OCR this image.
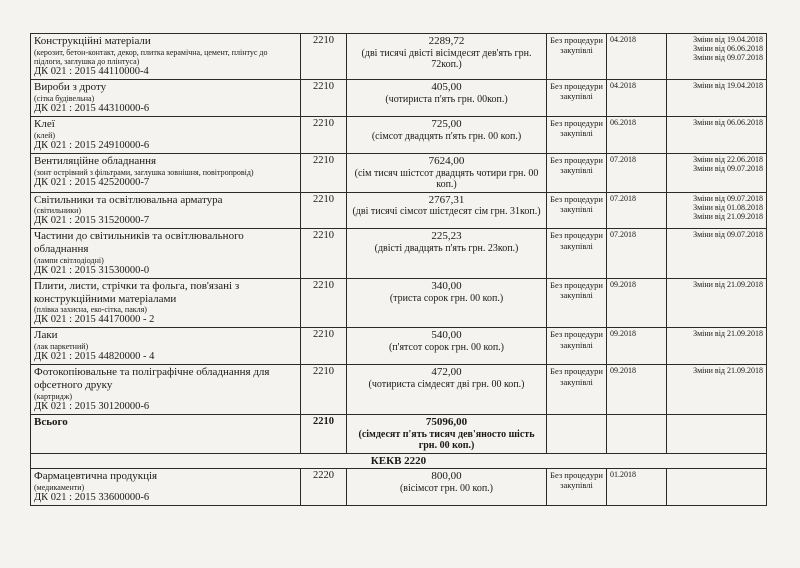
Конструкційні матеріали
(керозит, бетон-контакт, декор, плитка керамічна, цемент, плінтус до підлоги, заглушка до плінтуса)
ДК 021 : 2015 44110000-4	2210	2289,72
(дві тисячі двісті вісімдесят дев'ять грн. 72коп.)	Без процедури закупівлі	04.2018	Зміни від 19.04.2018
Зміни від 06.06.2018
Зміни від 09.07.2018

Вироби з дроту
(сітка будівельна)
ДК 021 : 2015 44310000-6	2210	405,00
(чотириста п'ять грн. 00коп.)	Без процедури закупівлі	04.2018	Зміни від 19.04.2018

Клеї
(клей)
ДК 021 : 2015 24910000-6	2210	725,00
(сімсот двадцять п'ять грн. 00 коп.)	Без процедури закупівлі	06.2018	Зміни від 06.06.2018

Вентиляційне обладнання
(зонт острівний з фільтрами, заглушка зовнішня, повітропровід)
ДК 021 : 2015 42520000-7	2210	7624,00
(сім тисяч шістсот двадцять чотири грн. 00 коп.)	Без процедури закупівлі	07.2018	Зміни від 22.06.2018
Зміни від 09.07.2018

Світильники та освітлювальна арматура
(світильники)
ДК 021 : 2015 31520000-7	2210	2767,31
(дві тисячі сімсот шістдесят сім грн. 31коп.)	Без процедури закупівлі	07.2018	Зміни від 09.07.2018
Зміни від 01.08.2018
Зміни від 21.09.2018

Частини до світильників та освітлювального обладнання
(лампи світлодіодні)
ДК 021 : 2015 31530000-0	2210	225,23
(двісті двадцять п'ять грн. 23коп.)	Без процедури закупівлі	07.2018	Зміни від 09.07.2018

Плити, листи, стрічки та фольга, пов'язані з конструкційними матеріалами
(плівка захисна, еко-сітка, пакля)
ДК 021 : 2015 44170000 - 2	2210	340,00
(триста сорок грн. 00 коп.)	Без процедури закупівлі	09.2018	Зміни від 21.09.2018

Лаки
(лак паркетний)
ДК 021 : 2015 44820000 - 4	2210	540,00
(п'ятсот сорок грн. 00 коп.)	Без процедури закупівлі	09.2018	Зміни від 21.09.2018

Фотокопіювальне та поліграфічне обладнання для офсетного друку
(картридж)
ДК 021 : 2015 30120000-6	2210	472,00
(чотириста сімдесят дві грн. 00 коп.)	Без процедури закупівлі	09.2018	Зміни від 21.09.2018

Всього	2210	75096,00
(сімдесят п'ять тисяч дев'яносто шість грн. 00 коп.)			

КЕКВ 2220					

Фармацевтична продукція
(медикаменти)
ДК 021 : 2015 33600000-6	2220	800,00
(вісімсот грн. 00 коп.)	Без процедури закупівлі	01.2018	
